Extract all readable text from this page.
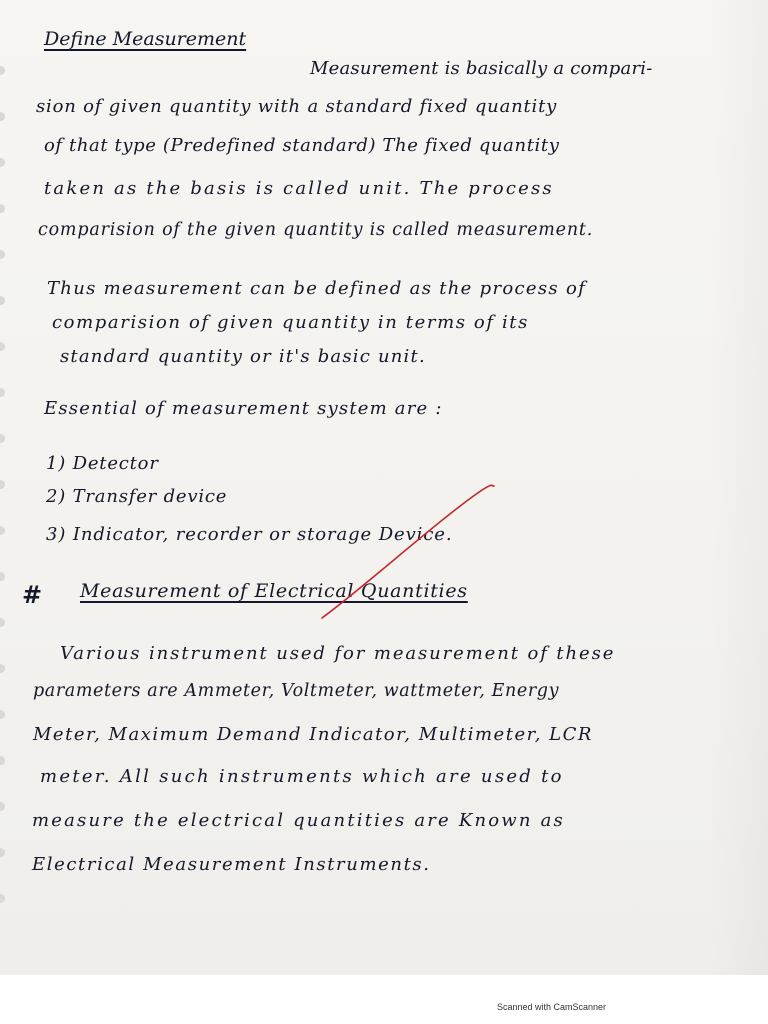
Define Measurement
Measurement is basically a compari-
sion of given quantity with a standard fixed quantity
of that type (Predefined standard) The fixed quantity
taken as the basis is called unit. The process
comparision of the given quantity is called measurement.
Thus measurement can be defined as the process of
comparision of given quantity in terms of its
standard quantity or it's basic unit.
Essential of measurement system are :
1) Detector
2) Transfer device
3) Indicator, recorder or storage Device.
# Measurement of Electrical Quantities
Various instrument used for measurement of these
parameters are Ammeter, Voltmeter, wattmeter, Energy
Meter, Maximum Demand Indicator, Multimeter, LCR
meter. All such instruments which are used to
measure the electrical quantities are Known as
Electrical Measurement Instruments.
Scanned with CamScanner
